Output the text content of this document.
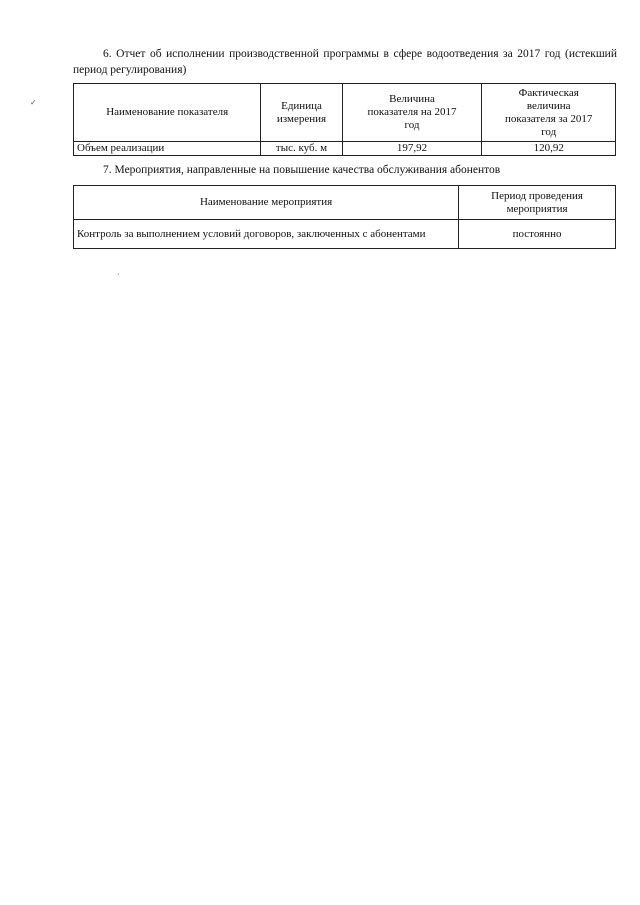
✓
·
6. Отчет об исполнении производственной программы в сфере водоотведения за 2017 год (истекший период регулирования)
Наименование показателя	Единица измерения	Величина показателя на 2017 год	Фактическая величина показателя за 2017 год
Объем реализации	тыс. куб. м	197,92	120,92
7. Мероприятия, направленные на повышение качества обслуживания абонентов
Наименование мероприятия	Период проведения мероприятия
Контроль за выполнением условий договоров, заключенных с абонентами	постоянно
